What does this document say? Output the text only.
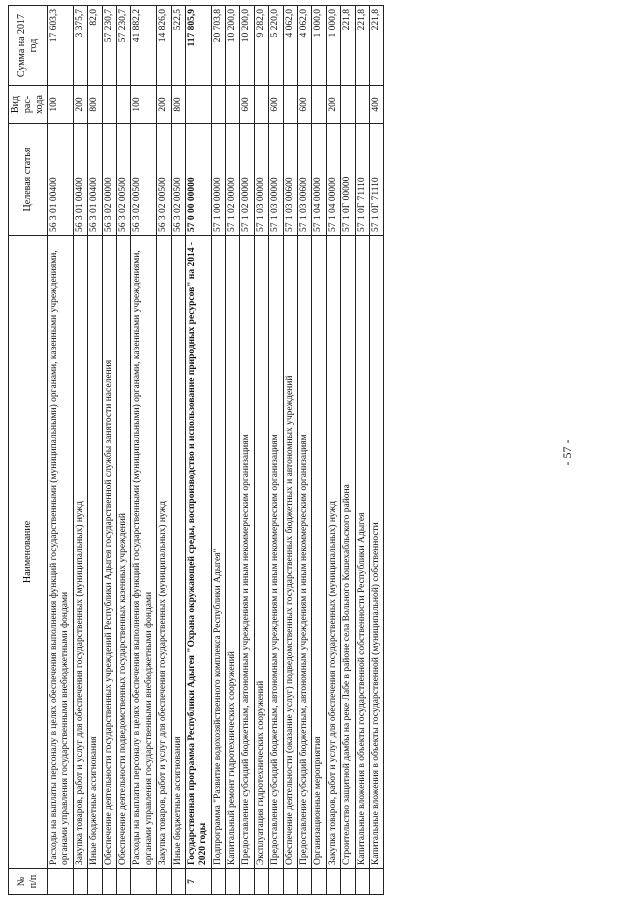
№ п/п	Наименование	Целевая статья	Вид рас-хода	Сумма на 2017 год
	Расходы на выплаты персоналу в целях обеспечения выполнения функций государственными (муниципальными) органами, казенными учреждениями, органами управления государственными внебюджетными фондами	56 3 01 00400	100	17 603,3
	Закупка товаров, работ и услуг для обеспечения государственных (муниципальных) нужд	56 3 01 00400	200	3 375,7
	Иные бюджетные ассигнования	56 3 01 00400	800	82,0
	Обеспечение деятельности государственных учреждений Республики Адыгея государственной службы занятости населения	56 3 02 00000		57 230,7
	Обеспечение деятельности подведомственных государственных казенных учреждений	56 3 02 00500		57 230,7
	Расходы на выплаты персоналу в целях обеспечения выполнения функций государственными (муниципальными) органами, казенными учреждениями, органами управления государственными внебюджетными фондами	56 3 02 00500	100	41 882,2
	Закупка товаров, работ и услуг для обеспечения государственных (муниципальных) нужд	56 3 02 00500	200	14 826,0
	Иные бюджетные ассигнования	56 3 02 00500	800	522,5
7	Государственная программа Республики Адыгея "Охрана окружающей среды, воспроизводство и использование природных ресурсов" на 2014 - 2020 годы	57 0 00 00000		117 805,9
	Подпрограмма "Развитие водохозяйственного комплекса Республики Адыгея"	57 1 00 00000		20 703,8
	Капитальный ремонт гидротехнических сооружений	57 1 02 00000		10 200,0
	Предоставление субсидий бюджетным, автономным учреждениям и иным некоммерческим организациям	57 1 02 00000	600	10 200,0
	Эксплуатация гидротехнических сооружений	57 1 03 00000		9 282,0
	Предоставление субсидий бюджетным, автономным учреждениям и иным некоммерческим организациям	57 1 03 00000	600	5 220,0
	Обеспечение деятельности (оказание услуг) подведомственных государственных бюджетных и автономных учреждений	57 1 03 00600		4 062,0
	Предоставление субсидий бюджетным, автономным учреждениям и иным некоммерческим организациям	57 1 03 00600	600	4 062,0
	Организационные мероприятия	57 1 04 00000		1 000,0
	Закупка товаров, работ и услуг для обеспечения государственных (муниципальных) нужд	57 1 04 00000	200	1 000,0
	Строительство защитной дамбы на реке Лабе в районе села Вольного Кошехабльского района	57 1 0Г 00000		221,8
	Капитальные вложения в объекты государственной собственности Республики Адыгея	57 1 0Г 71110		221,8
	Капитальные вложения в объекты государственной (муниципальной) собственности	57 1 0Г 71110	400	221,8
- 57 -
